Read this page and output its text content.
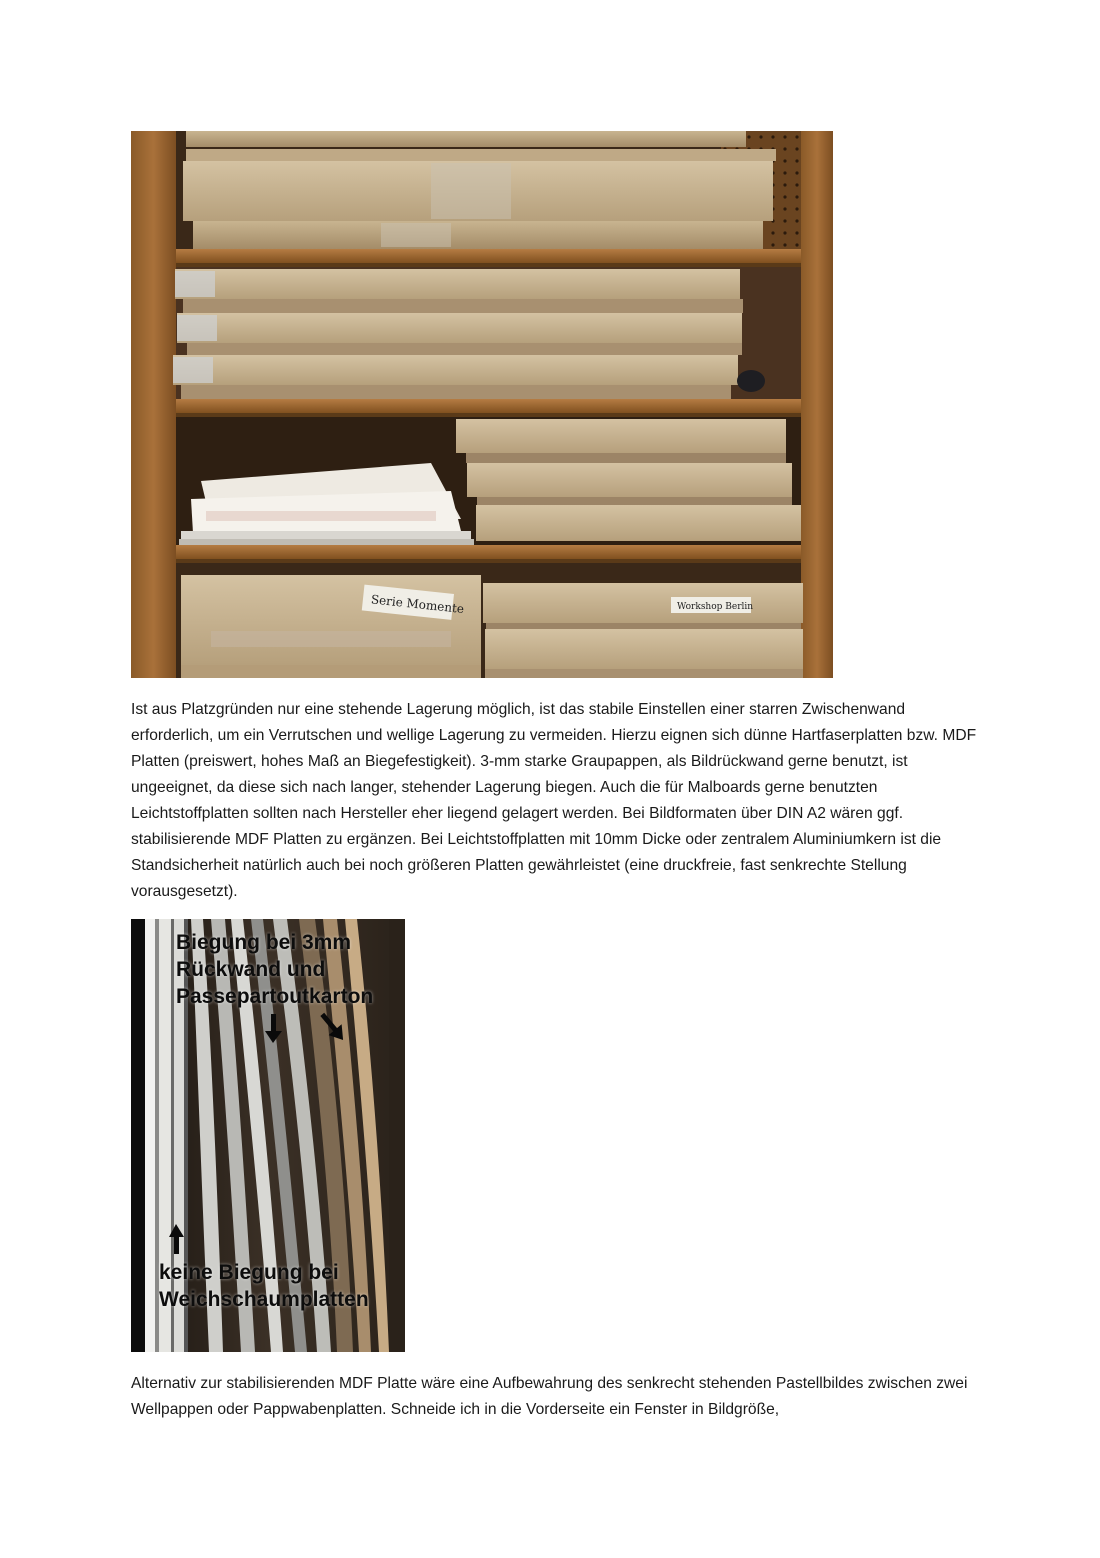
Serie Momente	Workshop Berlin

Ist aus Platzgründen nur eine stehende Lagerung möglich, ist das stabile Einstellen einer starren Zwischenwand erforderlich, um ein Verrutschen und wellige Lagerung zu vermeiden. Hierzu eignen sich dünne Hartfaserplatten bzw. MDF Platten (preiswert, hohes Maß an Biegefestigkeit). 3-mm starke Graupappen, als Bildrückwand gerne benutzt, ist ungeeignet, da diese sich nach langer, stehender Lagerung biegen. Auch die für Malboards gerne benutzten Leichtstoffplatten sollten nach Hersteller eher liegend gelagert werden. Bei Bildformaten über DIN A2 wären ggf. stabilisierende MDF Platten zu ergänzen. Bei Leichtstoffplatten mit 10mm Dicke oder zentralem Aluminiumkern ist die Standsicherheit natürlich auch bei noch größeren Platten gewährleistet (eine druckfreie, fast senkrechte Stellung vorausgesetzt).

Biegung bei 3mm
Rückwand und
Passepartoutkarton
keine Biegung bei
Weichschaumplatten

Alternativ zur stabilisierenden MDF Platte wäre eine Aufbewahrung des senkrecht stehenden Pastellbildes zwischen zwei Wellpappen oder Pappwabenplatten. Schneide ich in die Vorderseite ein Fenster in Bildgröße,
